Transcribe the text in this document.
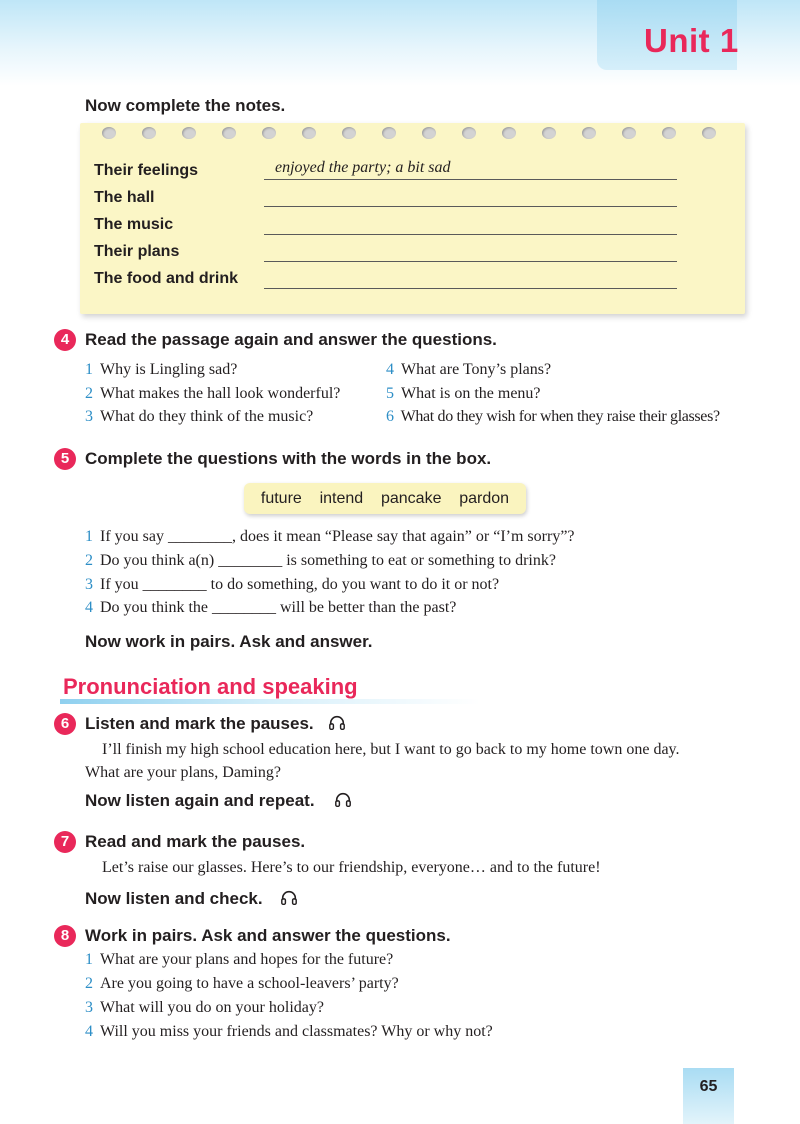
Unit 1
Now complete the notes.
Their feelings	enjoyed the party; a bit sad
The hall
The music
Their plans
The food and drink
4 Read the passage again and answer the questions.
1 Why is Lingling sad?
2 What makes the hall look wonderful?
3 What do they think of the music?
4 What are Tony’s plans?
5 What is on the menu?
6 What do they wish for when they raise their glasses?
5 Complete the questions with the words in the box.
future intend pancake pardon
1 If you say ________, does it mean “Please say that again” or “I’m sorry”?
2 Do you think a(n) ________ is something to eat or something to drink?
3 If you ________ to do something, do you want to do it or not?
4 Do you think the ________ will be better than the past?
Now work in pairs. Ask and answer.
Pronunciation and speaking
6 Listen and mark the pauses.
I’ll finish my high school education here, but I want to go back to my home town one day.
What are your plans, Daming?
Now listen again and repeat.
7 Read and mark the pauses.
Let’s raise our glasses. Here’s to our friendship, everyone… and to the future!
Now listen and check.
8 Work in pairs. Ask and answer the questions.
1 What are your plans and hopes for the future?
2 Are you going to have a school-leavers’ party?
3 What will you do on your holiday?
4 Will you miss your friends and classmates? Why or why not?
65
